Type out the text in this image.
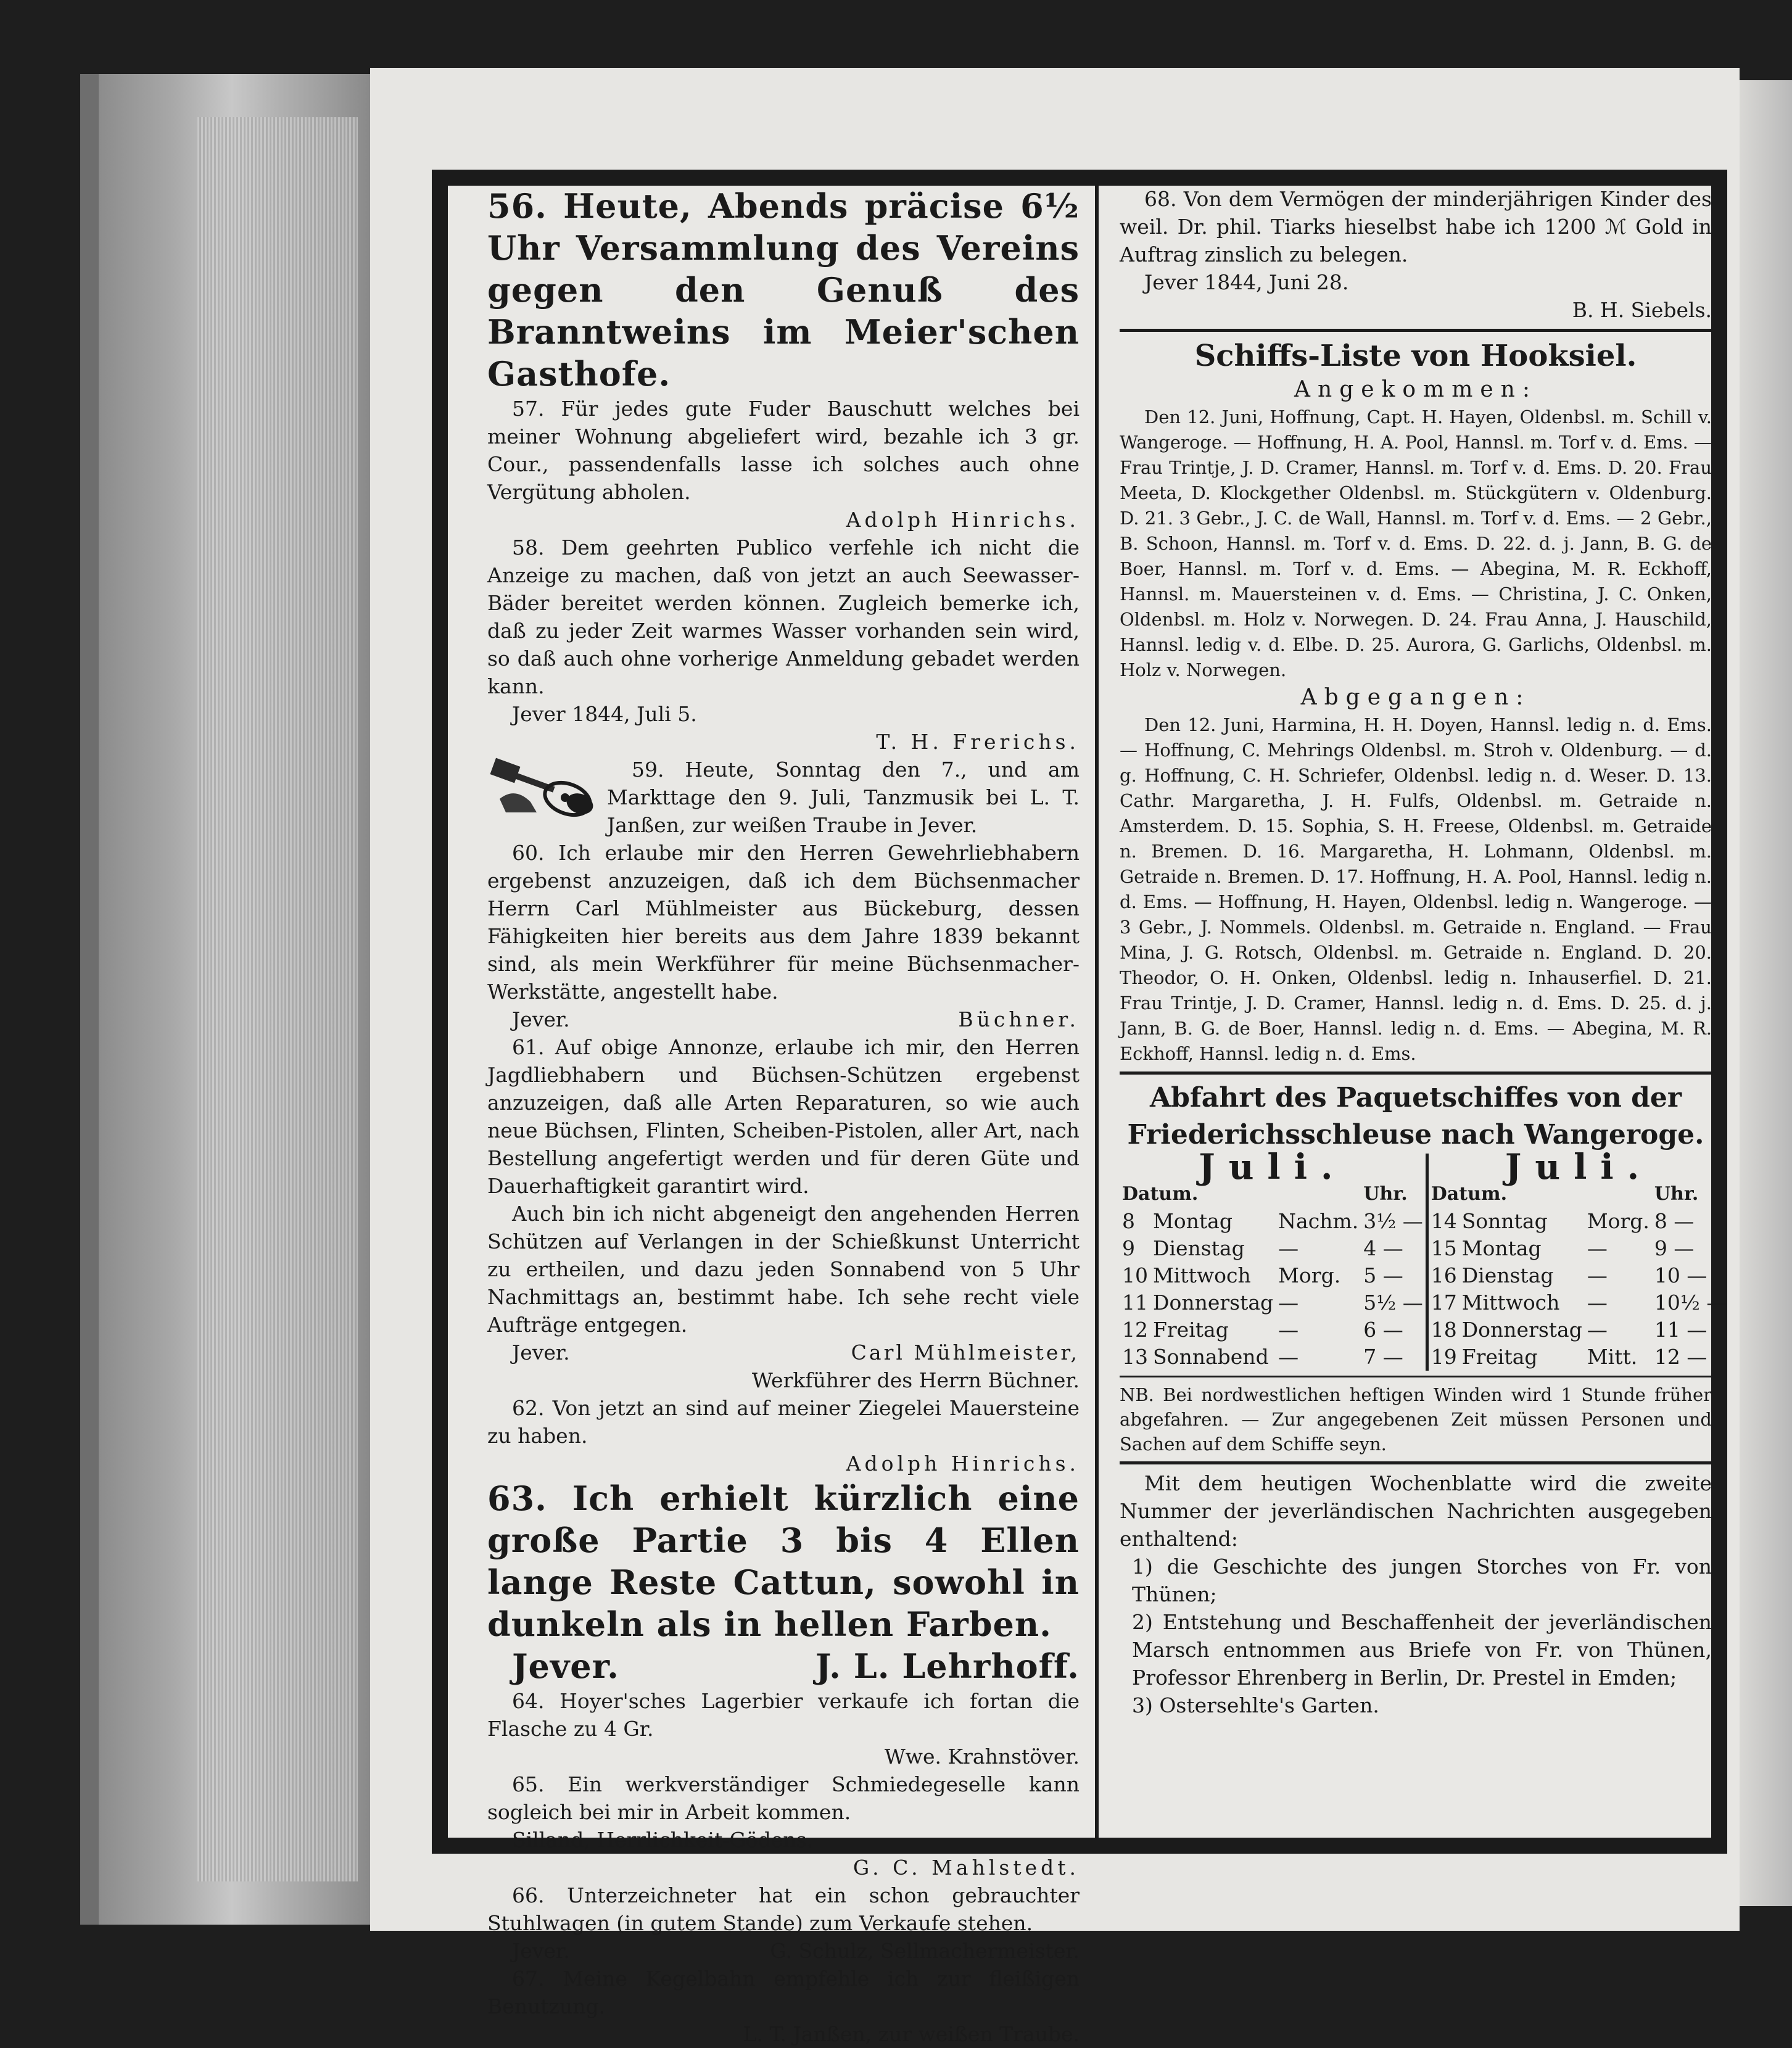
56. Heute, Abends präcise 6½ Uhr Versammlung des Vereins gegen den Genuß des Branntweins im Meier'schen Gasthofe.

57. Für jedes gute Fuder Bauschutt welches bei meiner Wohnung abgeliefert wird, bezahle ich 3 gr. Cour., passendenfalls lasse ich solches auch ohne Vergütung abholen.

Adolph Hinrichs.

58. Dem geehrten Publico verfehle ich nicht die Anzeige zu machen, daß von jetzt an auch Seewasser-Bäder bereitet werden können. Zugleich bemerke ich, daß zu jeder Zeit warmes Wasser vorhanden sein wird, so daß auch ohne vorherige Anmeldung gebadet werden kann.

Jever 1844, Juli 5.

T. H. Frerichs.

59. Heute, Sonntag den 7., und am Markttage den 9. Juli, Tanzmusik bei L. T. Janßen, zur weißen Traube in Jever.

60. Ich erlaube mir den Herren Gewehrliebhabern ergebenst anzuzeigen, daß ich dem Büchsenmacher Herrn Carl Mühlmeister aus Bückeburg, dessen Fähigkeiten hier bereits aus dem Jahre 1839 bekannt sind, als mein Werkführer für meine Büchsenmacher-Werkstätte, angestellt habe.

Jever.	Büchner.

61. Auf obige Annonze, erlaube ich mir, den Herren Jagdliebhabern und Büchsen-Schützen ergebenst anzuzeigen, daß alle Arten Reparaturen, so wie auch neue Büchsen, Flinten, Scheiben-Pistolen, aller Art, nach Bestellung angefertigt werden und für deren Güte und Dauerhaftigkeit garantirt wird.

Auch bin ich nicht abgeneigt den angehenden Herren Schützen auf Verlangen in der Schießkunst Unterricht zu ertheilen, und dazu jeden Sonnabend von 5 Uhr Nachmittags an, bestimmt habe. Ich sehe recht viele Aufträge entgegen.

Jever.	Carl Mühlmeister,

Werkführer des Herrn Büchner.

62. Von jetzt an sind auf meiner Ziegelei Mauersteine zu haben.

Adolph Hinrichs.

63. Ich erhielt kürzlich eine große Partie 3 bis 4 Ellen lange Reste Cattun, sowohl in dunkeln als in hellen Farben.

Jever.	J. L. Lehrhoff.

64. Hoyer'sches Lagerbier verkaufe ich fortan die Flasche zu 4 Gr.

Wwe. Krahnstöver.

65. Ein werkverständiger Schmiedegeselle kann sogleich bei mir in Arbeit kommen.

Silland, Herrlichkeit-Gödens.

G. C. Mahlstedt.

66. Unterzeichneter hat ein schon gebrauchter Stuhlwagen (in gutem Stande) zum Verkaufe stehen.

Jever.	G. Schulz, Sellmachermeister.

67. Meine Kegelbahn empfehle ich zur fleißigen Benutzung.

L. T. Janßen, zur weißen Traube.

68. Von dem Vermögen der minderjährigen Kinder des weil. Dr. phil. Tiarks hieselbst habe ich 1200 ℳ Gold in Auftrag zinslich zu belegen.

Jever 1844, Juni 28.

B. H. Siebels.

Schiffs-Liste von Hooksiel.

Angekommen:

Den 12. Juni, Hoffnung, Capt. H. Hayen, Oldenbsl. m. Schill v. Wangeroge. — Hoffnung, H. A. Pool, Hannsl. m. Torf v. d. Ems. — Frau Trintje, J. D. Cramer, Hannsl. m. Torf v. d. Ems. D. 20. Frau Meeta, D. Klockgether Oldenbsl. m. Stückgütern v. Oldenburg. D. 21. 3 Gebr., J. C. de Wall, Hannsl. m. Torf v. d. Ems. — 2 Gebr., B. Schoon, Hannsl. m. Torf v. d. Ems. D. 22. d. j. Jann, B. G. de Boer, Hannsl. m. Torf v. d. Ems. — Abegina, M. R. Eckhoff, Hannsl. m. Mauersteinen v. d. Ems. — Christina, J. C. Onken, Oldenbsl. m. Holz v. Norwegen. D. 24. Frau Anna, J. Hauschild, Hannsl. ledig v. d. Elbe. D. 25. Aurora, G. Garlichs, Oldenbsl. m. Holz v. Norwegen.

Abgegangen:

Den 12. Juni, Harmina, H. H. Doyen, Hannsl. ledig n. d. Ems. — Hoffnung, C. Mehrings Oldenbsl. m. Stroh v. Oldenburg. — d. g. Hoffnung, C. H. Schriefer, Oldenbsl. ledig n. d. Weser. D. 13. Cathr. Margaretha, J. H. Fulfs, Oldenbsl. m. Getraide n. Amsterdem. D. 15. Sophia, S. H. Freese, Oldenbsl. m. Getraide n. Bremen. D. 16. Margaretha, H. Lohmann, Oldenbsl. m. Getraide n. Bremen. D. 17. Hoffnung, H. A. Pool, Hannsl. ledig n. d. Ems. — Hoffnung, H. Hayen, Oldenbsl. ledig n. Wangeroge. — 3 Gebr., J. Nommels. Oldenbsl. m. Getraide n. England. — Frau Mina, J. G. Rotsch, Oldenbsl. m. Getraide n. England. D. 20. Theodor, O. H. Onken, Oldenbsl. ledig n. Inhauserfiel. D. 21. Frau Trintje, J. D. Cramer, Hannsl. ledig n. d. Ems. D. 25. d. j. Jann, B. G. de Boer, Hannsl. ledig n. d. Ems. — Abegina, M. R. Eckhoff, Hannsl. ledig n. d. Ems.

Abfahrt des Paquetschiffes von der Friederichsschleuse nach Wangeroge.

Juli.				Juli.			
Datum.			Uhr.	Datum.			Uhr.
8	Montag	Nachm.	3½ —	14	Sonntag	Morg.	8 —
9	Dienstag	—	4 —	15	Montag	—	9 —
10	Mittwoch	Morg.	5 —	16	Dienstag	—	10 —
11	Donnerstag	—	5½ —	17	Mittwoch	—	10½ —
12	Freitag	—	6 —	18	Donnerstag	—	11 —
13	Sonnabend	—	7 —	19	Freitag	Mitt.	12 —

NB. Bei nordwestlichen heftigen Winden wird 1 Stunde früher abgefahren. — Zur angegebenen Zeit müssen Personen und Sachen auf dem Schiffe seyn.

Mit dem heutigen Wochenblatte wird die zweite Nummer der jeverländischen Nachrichten ausgegeben enthaltend:

1) die Geschichte des jungen Storches von Fr. von Thünen;

2) Entstehung und Beschaffenheit der jeverländischen Marsch entnommen aus Briefe von Fr. von Thünen, Professor Ehrenberg in Berlin, Dr. Prestel in Emden;

3) Ostersehlte's Garten.
